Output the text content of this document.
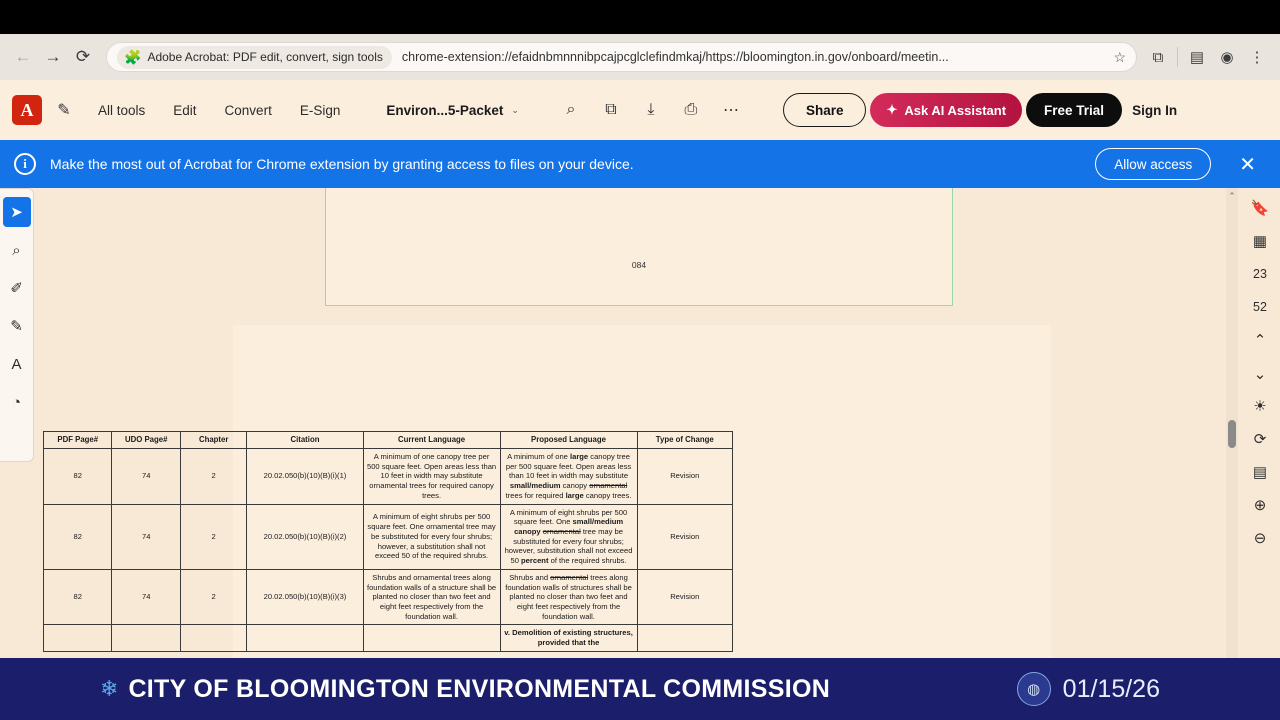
← → ⟳ 🧩 Adobe Acrobat: PDF edit, convert, sign tools	chrome-extension://efaidnbmnnnibpcajpcglclefindmkaj/https://bloomington.in.gov/onboard/meetin...	☆	⧉	▤	◉	⋮
A	✎	All tools	Edit	Convert	E-Sign	Environ...5-Packet ⌄	⌕	⧉	⤓	⎙	⋯	Share	✦ Ask AI Assistant	Free Trial	Sign In
i	Make the most out of Acrobat for Chrome extension by granting access to files on your device.	Allow access	✕
➤
⌕
✐
✎
A
◔
084
PDF Page#	UDO Page#	Chapter	Citation	Current Language	Proposed Language	Type of Change
82	74	2	20.02.050(b)(10)(B)(i)(1)	A minimum of one canopy tree per 500 square feet. Open areas less than 10 feet in width may substitute ornamental trees for required canopy trees.	A minimum of one large canopy tree per 500 square feet. Open areas less than 10 feet in width may substitute small/medium canopy ornamental trees for required large canopy trees.	Revision
82	74	2	20.02.050(b)(10)(B)(i)(2)	A minimum of eight shrubs per 500 square feet. One ornamental tree may be substituted for every four shrubs; however, a substitution shall not exceed 50 of the required shrubs.	A minimum of eight shrubs per 500 square feet. One small/medium canopy ornamental tree may be substituted for every four shrubs; however, substitution shall not exceed 50 percent of the required shrubs.	Revision
82	74	2	20.02.050(b)(10)(B)(i)(3)	Shrubs and ornamental trees along foundation walls of a structure shall be planted no closer than two feet and eight feet respectively from the foundation wall.	Shrubs and ornamental trees along foundation walls of structures shall be planted no closer than two feet and eight feet respectively from the foundation wall.	Revision
					v. Demolition of existing structures, provided that the	
⌃
🔖
▦
23
52
⌃
⌃
☀
⟳
▤
⊕
⊖
❄ CITY OF BLOOMINGTON ENVIRONMENTAL COMMISSION	◍ 01/15/26
